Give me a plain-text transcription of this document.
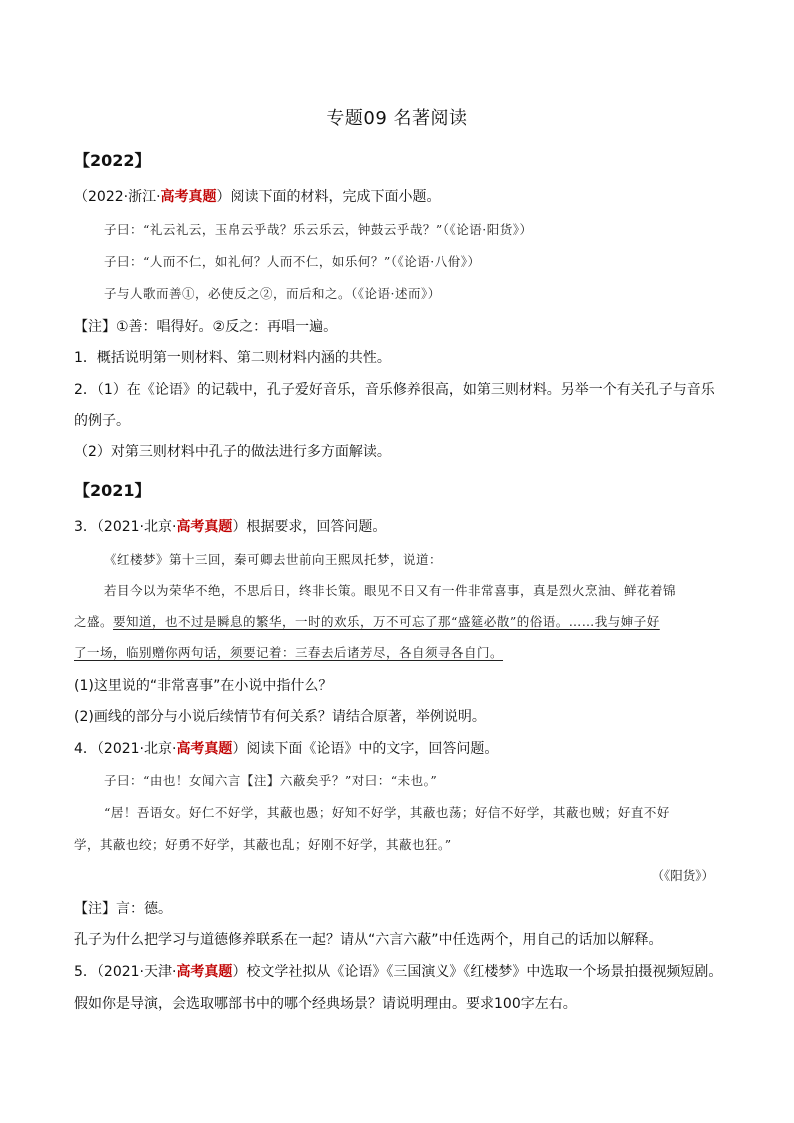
专题09 名著阅读
【2022】
（2022·浙江·高考真题）阅读下面的材料，完成下面小题。
子曰：“礼云礼云，玉帛云乎哉？乐云乐云，钟鼓云乎哉？”（《论语·阳货》）
子曰：“人而不仁，如礼何？人而不仁，如乐何？”（《论语·八佾》）
子与人歌而善①，必使反之②，而后和之。（《论语·述而》）
【注】①善：唱得好。②反之：再唱一遍。
1．概括说明第一则材料、第二则材料内涵的共性。
2．（1）在《论语》的记载中，孔子爱好音乐，音乐修养很高，如第三则材料。另举一个有关孔子与音乐
的例子。
（2）对第三则材料中孔子的做法进行多方面解读。
【2021】
3．（2021·北京·高考真题）根据要求，回答问题。
《红楼梦》第十三回，秦可卿去世前向王熙凤托梦，说道：
若目今以为荣华不绝，不思后日，终非长策。眼见不日又有一件非常喜事，真是烈火烹油、鲜花着锦
之盛。要知道，也不过是瞬息的繁华，一时的欢乐，万不可忘了那“盛筵必散”的俗语。……我与婶子好
了一场，临别赠你两句话，须要记着：三春去后诸芳尽，各自须寻各自门。
(1)这里说的“非常喜事”在小说中指什么？
(2)画线的部分与小说后续情节有何关系？请结合原著，举例说明。
4．（2021·北京·高考真题）阅读下面《论语》中的文字，回答问题。
子曰：“由也！女闻六言【注】六蔽矣乎？”对曰：“未也。”
“居！吾语女。好仁不好学，其蔽也愚；好知不好学，其蔽也荡；好信不好学，其蔽也贼；好直不好
学，其蔽也绞；好勇不好学，其蔽也乱；好刚不好学，其蔽也狂。”
（《阳货》）
【注】言：德。
孔子为什么把学习与道德修养联系在一起？请从“六言六蔽”中任选两个，用自己的话加以解释。
5．（2021·天津·高考真题）校文学社拟从《论语》《三国演义》《红楼梦》中选取一个场景拍摄视频短剧。
假如你是导演，会选取哪部书中的哪个经典场景？请说明理由。要求100字左右。
